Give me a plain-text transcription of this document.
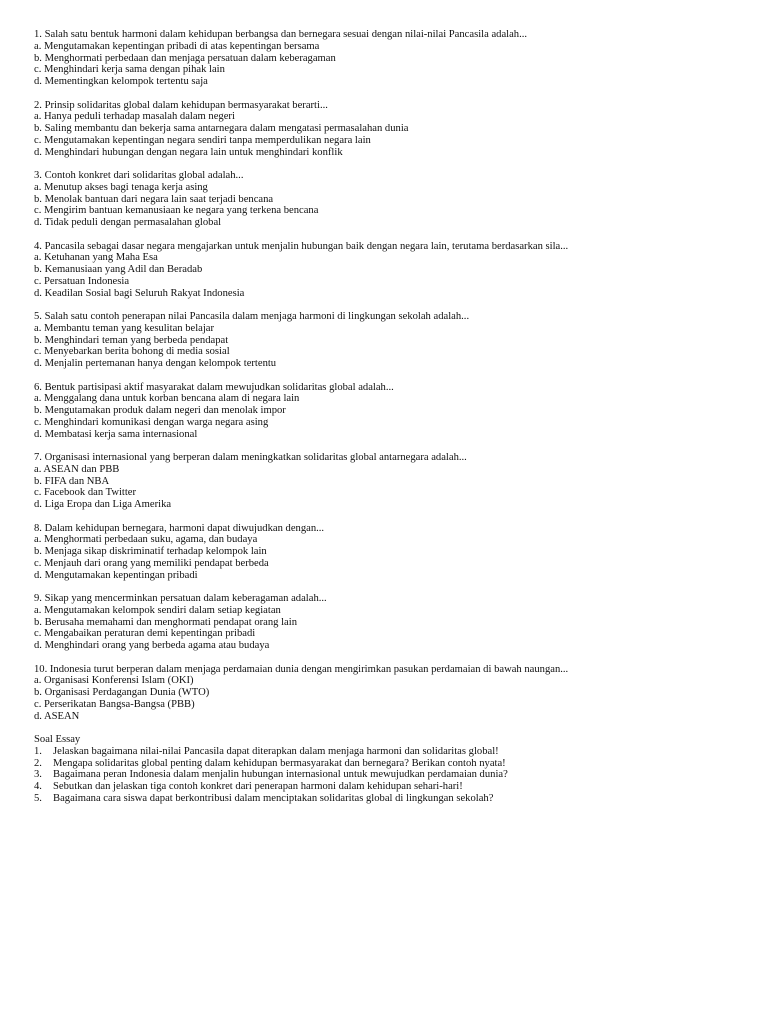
1. Salah satu bentuk harmoni dalam kehidupan berbangsa dan bernegara sesuai dengan nilai-nilai Pancasila adalah...
a. Mengutamakan kepentingan pribadi di atas kepentingan bersama
b. Menghormati perbedaan dan menjaga persatuan dalam keberagaman
c. Menghindari kerja sama dengan pihak lain
d. Mementingkan kelompok tertentu saja
2. Prinsip solidaritas global dalam kehidupan bermasyarakat berarti...
a. Hanya peduli terhadap masalah dalam negeri
b. Saling membantu dan bekerja sama antarnegara dalam mengatasi permasalahan dunia
c. Mengutamakan kepentingan negara sendiri tanpa memperdulikan negara lain
d. Menghindari hubungan dengan negara lain untuk menghindari konflik
3. Contoh konkret dari solidaritas global adalah...
a. Menutup akses bagi tenaga kerja asing
b. Menolak bantuan dari negara lain saat terjadi bencana
c. Mengirim bantuan kemanusiaan ke negara yang terkena bencana
d. Tidak peduli dengan permasalahan global
4. Pancasila sebagai dasar negara mengajarkan untuk menjalin hubungan baik dengan negara lain, terutama berdasarkan sila...
a. Ketuhanan yang Maha Esa
b. Kemanusiaan yang Adil dan Beradab
c. Persatuan Indonesia
d. Keadilan Sosial bagi Seluruh Rakyat Indonesia
5. Salah satu contoh penerapan nilai Pancasila dalam menjaga harmoni di lingkungan sekolah adalah...
a. Membantu teman yang kesulitan belajar
b. Menghindari teman yang berbeda pendapat
c. Menyebarkan berita bohong di media sosial
d. Menjalin pertemanan hanya dengan kelompok tertentu
6. Bentuk partisipasi aktif masyarakat dalam mewujudkan solidaritas global adalah...
a. Menggalang dana untuk korban bencana alam di negara lain
b. Mengutamakan produk dalam negeri dan menolak impor
c. Menghindari komunikasi dengan warga negara asing
d. Membatasi kerja sama internasional
7. Organisasi internasional yang berperan dalam meningkatkan solidaritas global antarnegara adalah...
a. ASEAN dan PBB
b. FIFA dan NBA
c. Facebook dan Twitter
d. Liga Eropa dan Liga Amerika
8. Dalam kehidupan bernegara, harmoni dapat diwujudkan dengan...
a. Menghormati perbedaan suku, agama, dan budaya
b. Menjaga sikap diskriminatif terhadap kelompok lain
c. Menjauh dari orang yang memiliki pendapat berbeda
d. Mengutamakan kepentingan pribadi
9. Sikap yang mencerminkan persatuan dalam keberagaman adalah...
a. Mengutamakan kelompok sendiri dalam setiap kegiatan
b. Berusaha memahami dan menghormati pendapat orang lain
c. Mengabaikan peraturan demi kepentingan pribadi
d. Menghindari orang yang berbeda agama atau budaya
10. Indonesia turut berperan dalam menjaga perdamaian dunia dengan mengirimkan pasukan perdamaian di bawah naungan...
a. Organisasi Konferensi Islam (OKI)
b. Organisasi Perdagangan Dunia (WTO)
c. Perserikatan Bangsa-Bangsa (PBB)
d. ASEAN
Soal Essay
1. Jelaskan bagaimana nilai-nilai Pancasila dapat diterapkan dalam menjaga harmoni dan solidaritas global!
2. Mengapa solidaritas global penting dalam kehidupan bermasyarakat dan bernegara? Berikan contoh nyata!
3. Bagaimana peran Indonesia dalam menjalin hubungan internasional untuk mewujudkan perdamaian dunia?
4. Sebutkan dan jelaskan tiga contoh konkret dari penerapan harmoni dalam kehidupan sehari-hari!
5. Bagaimana cara siswa dapat berkontribusi dalam menciptakan solidaritas global di lingkungan sekolah?
